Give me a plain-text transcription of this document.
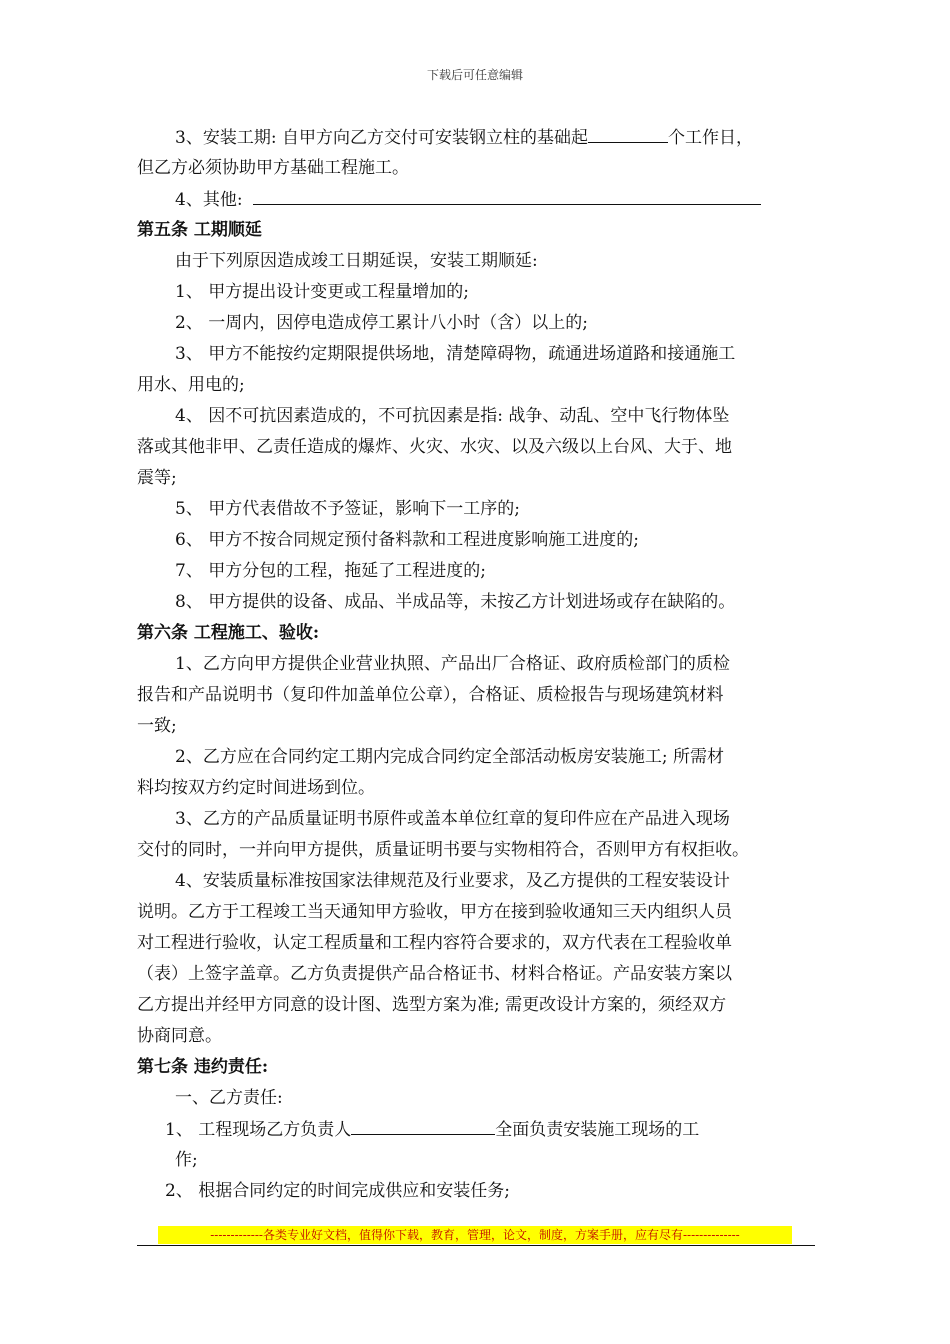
下载后可任意编辑
3、安装工期: 自甲方向乙方交付可安装钢立柱的基础起	个工作日，
但乙方必须协助甲方基础工程施工。
4、其他:
第五条 工期顺延
由于下列原因造成竣工日期延误，安装工期顺延:
1、 甲方提出设计变更或工程量增加的;
2、 一周内，因停电造成停工累计八小时（含）以上的;
3、 甲方不能按约定期限提供场地，清楚障碍物，疏通进场道路和接通施工
用水、用电的;
4、 因不可抗因素造成的，不可抗因素是指: 战争、动乱、空中飞行物体坠
落或其他非甲、乙责任造成的爆炸、火灾、水灾、以及六级以上台风、大于、地
震等;
5、 甲方代表借故不予签证，影响下一工序的;
6、 甲方不按合同规定预付备料款和工程进度影响施工进度的;
7、 甲方分包的工程，拖延了工程进度的;
8、 甲方提供的设备、成品、半成品等，未按乙方计划进场或存在缺陷的。
第六条 工程施工、验收:
1、乙方向甲方提供企业营业执照、产品出厂合格证、政府质检部门的质检
报告和产品说明书（复印件加盖单位公章），合格证、质检报告与现场建筑材料
一致;
2、乙方应在合同约定工期内完成合同约定全部活动板房安装施工; 所需材
料均按双方约定时间进场到位。
3、乙方的产品质量证明书原件或盖本单位红章的复印件应在产品进入现场
交付的同时，一并向甲方提供，质量证明书要与实物相符合，否则甲方有权拒收。
4、安装质量标准按国家法律规范及行业要求，及乙方提供的工程安装设计
说明。乙方于工程竣工当天通知甲方验收，甲方在接到验收通知三天内组织人员
对工程进行验收，认定工程质量和工程内容符合要求的，双方代表在工程验收单
（表）上签字盖章。乙方负责提供产品合格证书、材料合格证。产品安装方案以
乙方提出并经甲方同意的设计图、选型方案为准; 需更改设计方案的，须经双方
协商同意。
第七条 违约责任:
一、乙方责任:
1、 工程现场乙方负责人	全面负责安装施工现场的工
作;
2、 根据合同约定的时间完成供应和安装任务;
-------------各类专业好文档，值得你下载，教育，管理，论文，制度，方案手册，应有尽有--------------
